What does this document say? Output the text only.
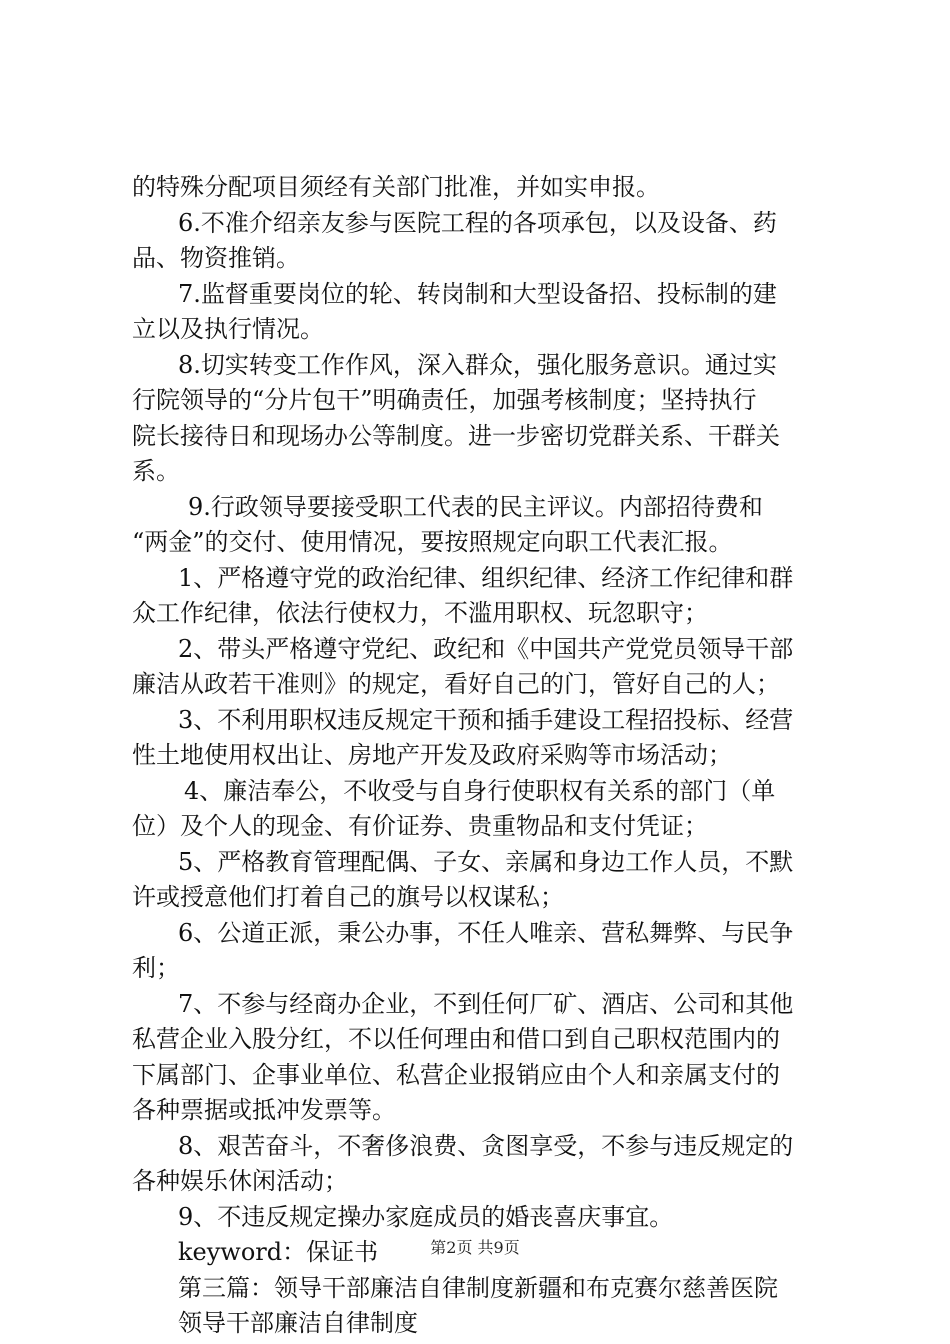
的特殊分配项目须经有关部门批准，并如实申报。
6.不准介绍亲友参与医院工程的各项承包，以及设备、药
品、物资推销。
7.监督重要岗位的轮、转岗制和大型设备招、投标制的建
立以及执行情况。
8.切实转变工作作风，深入群众，强化服务意识。通过实
行院领导的“分片包干”明确责任，加强考核制度；坚持执行
院长接待日和现场办公等制度。进一步密切党群关系、干群关
系。
9.行政领导要接受职工代表的民主评议。内部招待费和
“两金”的交付、使用情况，要按照规定向职工代表汇报。
1、严格遵守党的政治纪律、组织纪律、经济工作纪律和群
众工作纪律，依法行使权力，不滥用职权、玩忽职守；
2、带头严格遵守党纪、政纪和《中国共产党党员领导干部
廉洁从政若干准则》的规定，看好自己的门，管好自己的人；
3、不利用职权违反规定干预和插手建设工程招投标、经营
性土地使用权出让、房地产开发及政府采购等市场活动；
4、廉洁奉公，不收受与自身行使职权有关系的部门（单
位）及个人的现金、有价证券、贵重物品和支付凭证；
5、严格教育管理配偶、子女、亲属和身边工作人员，不默
许或授意他们打着自己的旗号以权谋私；
6、公道正派，秉公办事，不任人唯亲、营私舞弊、与民争
利；
7、不参与经商办企业，不到任何厂矿、酒店、公司和其他
私营企业入股分红，不以任何理由和借口到自己职权范围内的
下属部门、企事业单位、私营企业报销应由个人和亲属支付的
各种票据或抵冲发票等。
8、艰苦奋斗，不奢侈浪费、贪图享受，不参与违反规定的
各种娱乐休闲活动；
9、不违反规定操办家庭成员的婚丧喜庆事宜。
keyword：保证书
第三篇：领导干部廉洁自律制度新疆和布克赛尔慈善医院
领导干部廉洁自律制度
第2页 共9页
